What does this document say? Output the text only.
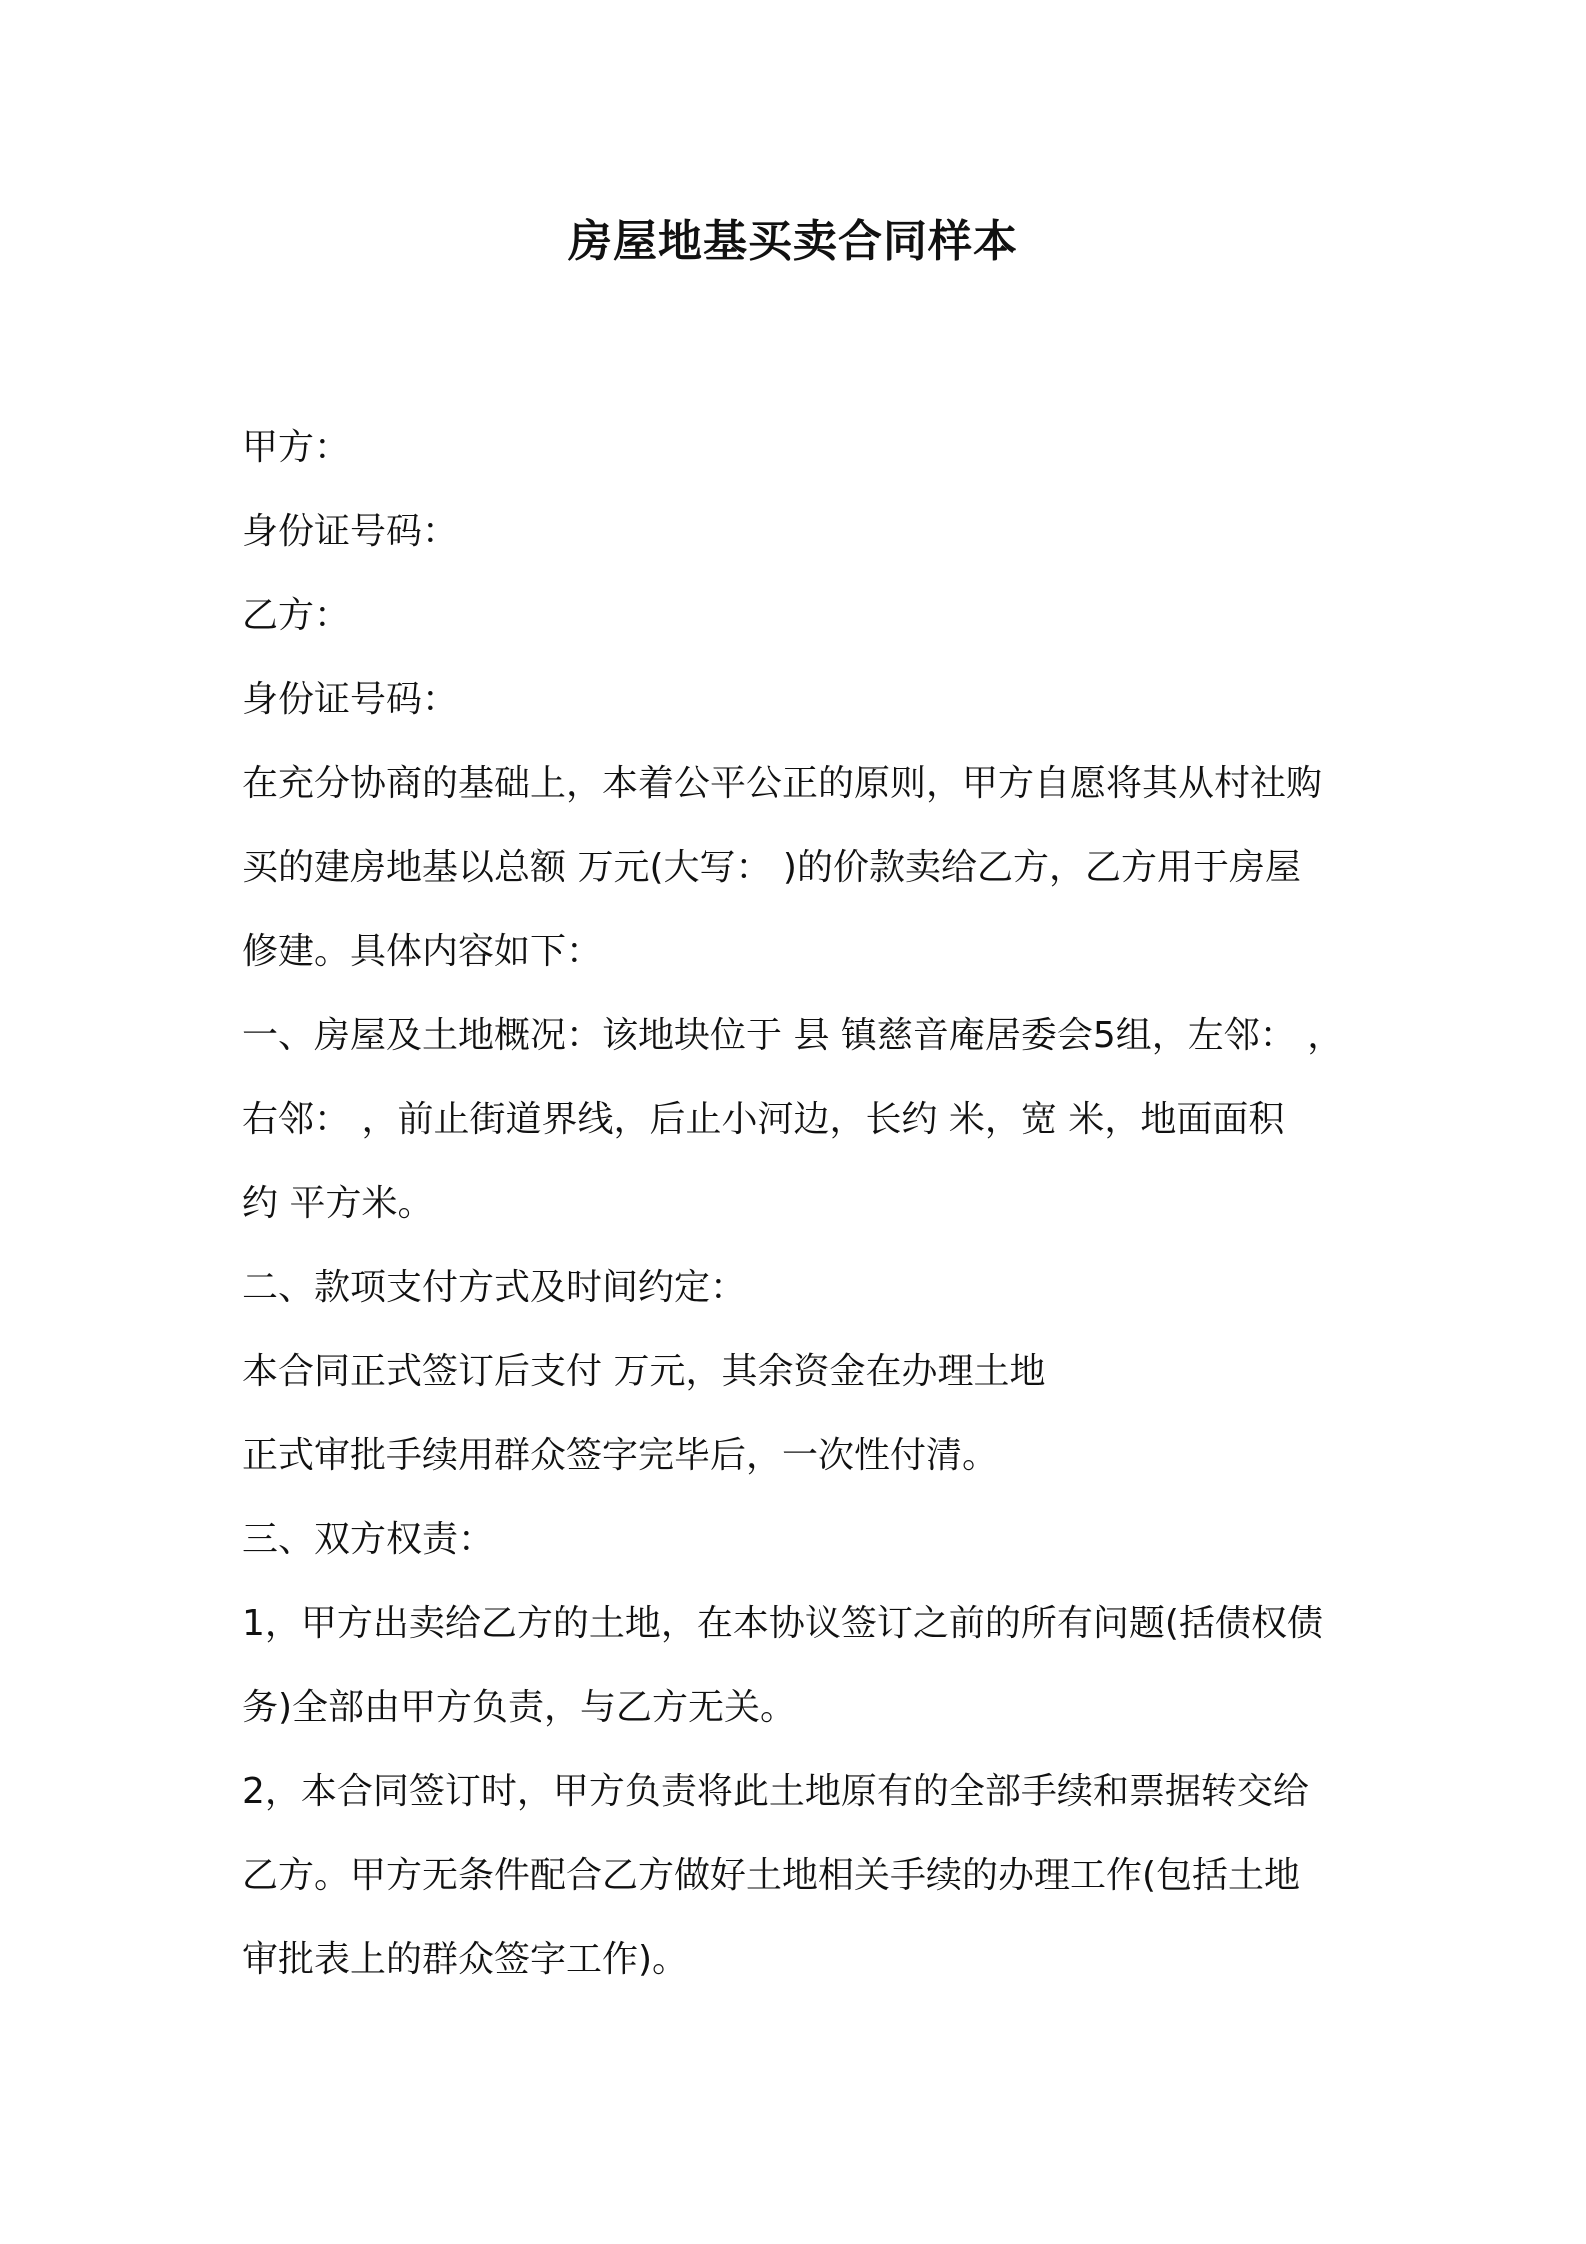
房屋地基买卖合同样本
甲方：
身份证号码：
乙方：
身份证号码：
在充分协商的基础上，本着公平公正的原则，甲方自愿将其从村社购
买的建房地基以总额 万元(大写： )的价款卖给乙方，乙方用于房屋
修建。具体内容如下：
一、房屋及土地概况：该地块位于 县 镇慈音庵居委会5组，左邻： ，
右邻： ，前止街道界线，后止小河边，长约 米，宽 米，地面面积
约 平方米。
二、款项支付方式及时间约定：
本合同正式签订后支付 万元，其余资金在办理土地
正式审批手续用群众签字完毕后，一次性付清。
三、双方权责：
1，甲方出卖给乙方的土地，在本协议签订之前的所有问题(括债权债
务)全部由甲方负责，与乙方无关。
2，本合同签订时，甲方负责将此土地原有的全部手续和票据转交给
乙方。甲方无条件配合乙方做好土地相关手续的办理工作(包括土地
审批表上的群众签字工作)。
